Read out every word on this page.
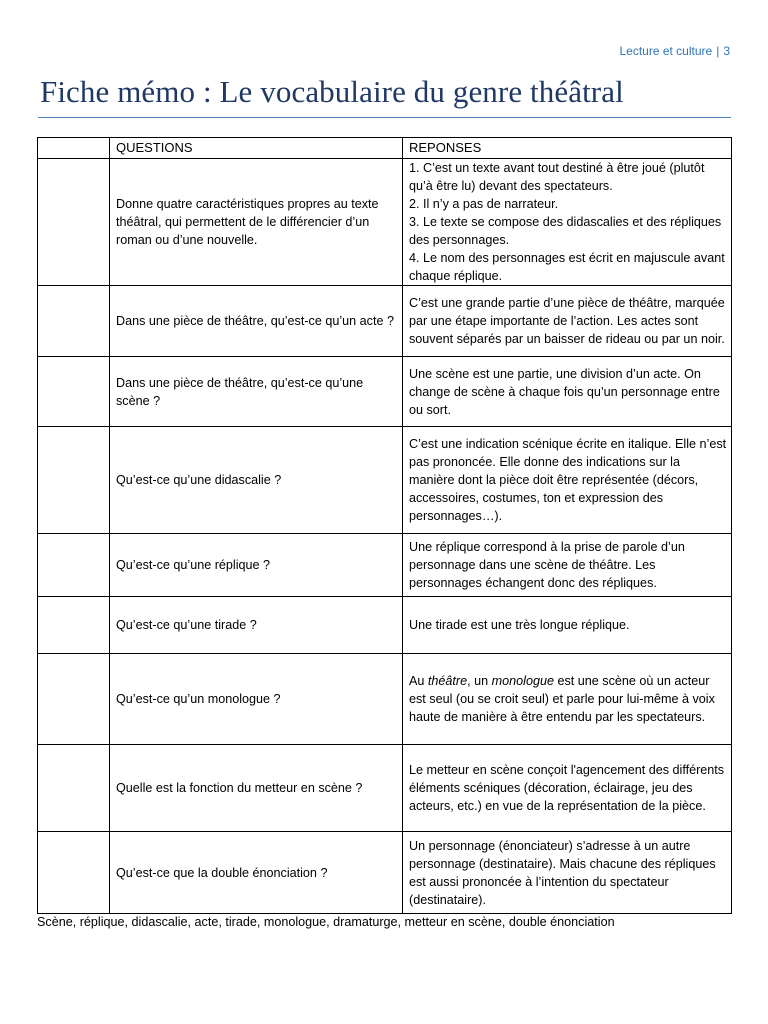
Lecture et culture | 3
Fiche mémo : Le vocabulaire du genre théâtral
	QUESTIONS	REPONSES
	Donne quatre caractéristiques propres au texte théâtral, qui permettent de le différencier d’un roman ou d’une nouvelle.	1. C’est un texte avant tout destiné à être joué (plutôt qu’à être lu) devant des spectateurs.
2. Il n’y a pas de narrateur.
3. Le texte se compose des didascalies et des répliques des personnages.
4. Le nom des personnages est écrit en majuscule avant chaque réplique.

	Dans une pièce de théâtre, qu’est-ce qu’un acte ?	C’est une grande partie d’une pièce de théâtre, marquée par une étape importante de l’action. Les actes sont souvent séparés par un baisser de rideau ou par un noir.
	Dans une pièce de théâtre, qu’est-ce qu’une scène ?	Une scène est une partie, une division d’un acte. On change de scène à chaque fois qu’un personnage entre ou sort.
	Qu’est-ce qu’une didascalie ?	C’est une indication scénique écrite en italique. Elle n’est pas prononcée. Elle donne des indications sur la manière dont la pièce doit être représentée (décors, accessoires, costumes, ton et expression des personnages…).
	Qu’est-ce qu’une réplique ?	Une réplique correspond à la prise de parole d’un personnage dans une scène de théâtre. Les personnages échangent donc des répliques.
	Qu’est-ce qu’une tirade ?	Une tirade est une très longue réplique.
	Qu’est-ce qu’un monologue ?	Au théâtre, un monologue est une scène où un acteur est seul (ou se croit seul) et parle pour lui-même à voix haute de manière à être entendu par les spectateurs.
	Quelle est la fonction du metteur en scène ?	Le metteur en scène conçoit l'agencement des différents éléments scéniques (décoration, éclairage, jeu des acteurs, etc.) en vue de la représentation de la pièce.
	Qu’est-ce que la double énonciation ?	Un personnage (énonciateur) s’adresse à un autre personnage (destinataire). Mais chacune des répliques est aussi prononcée à l’intention du spectateur (destinataire).
Scène, réplique, didascalie, acte, tirade, monologue, dramaturge, metteur en scène, double énonciation
